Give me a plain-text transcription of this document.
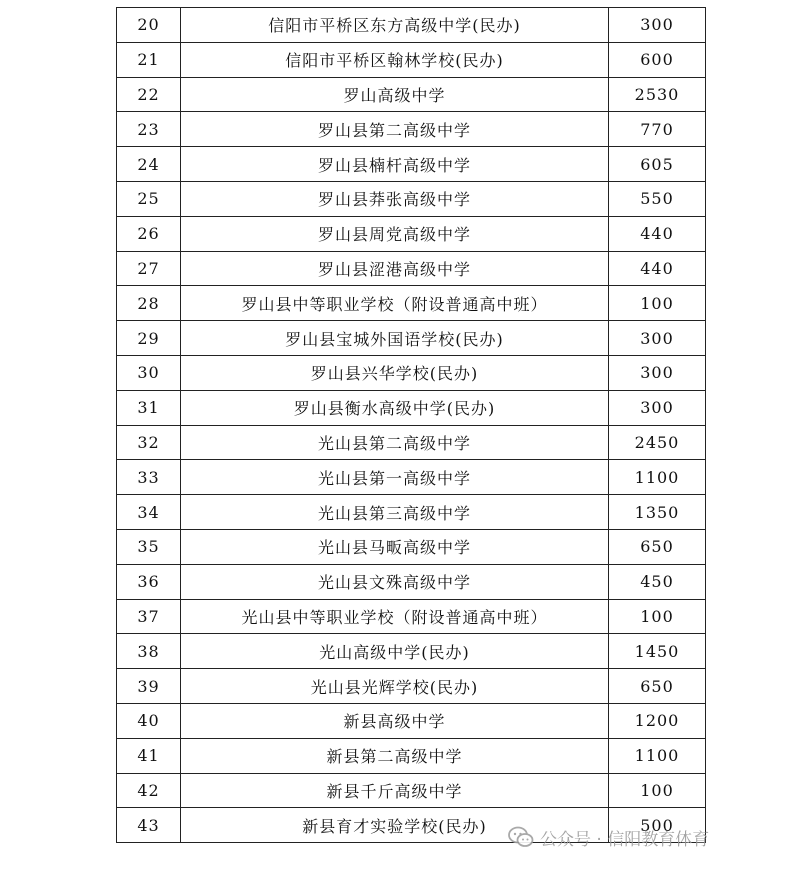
20	信阳市平桥区东方高级中学(民办)	300
21	信阳市平桥区翰林学校(民办)	600
22	罗山高级中学	2530
23	罗山县第二高级中学	770
24	罗山县楠杆高级中学	605
25	罗山县莽张高级中学	550
26	罗山县周党高级中学	440
27	罗山县涩港高级中学	440
28	罗山县中等职业学校（附设普通高中班）	100
29	罗山县宝城外国语学校(民办)	300
30	罗山县兴华学校(民办)	300
31	罗山县衡水高级中学(民办)	300
32	光山县第二高级中学	2450
33	光山县第一高级中学	1100
34	光山县第三高级中学	1350
35	光山县马畈高级中学	650
36	光山县文殊高级中学	450
37	光山县中等职业学校（附设普通高中班）	100
38	光山高级中学(民办)	1450
39	光山县光辉学校(民办)	650
40	新县高级中学	1200
41	新县第二高级中学	1100
42	新县千斤高级中学	100
43	新县育才实验学校(民办)	500
公众号 · 信阳教育体育
